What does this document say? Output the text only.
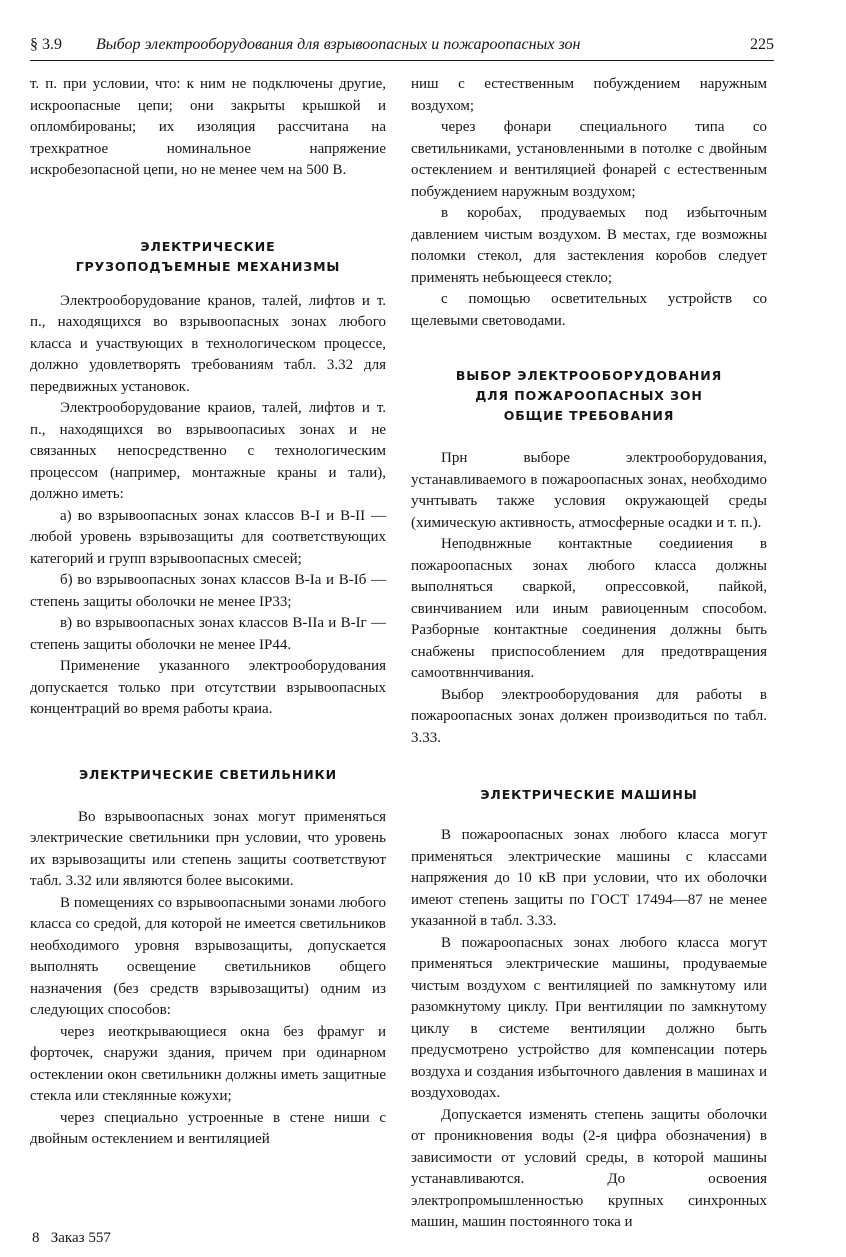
§ 3.9 Выбор электрооборудования для взрывоопасных и пожароопасных зон	225

т. п. при условии, что: к ним не подключены другие, искроопасные цепи; они закрыты крышкой и опломбированы; их изоляция рассчитана на трехкратное номинальное напряжение искробезопасной цепи, но не менее чем на 500 В.

ЭЛЕКТРИЧЕСКИЕ

ГРУЗОПОДЪЕМНЫЕ МЕХАНИЗМЫ

Электрооборудование кранов, талей, лифтов и т. п., находящихся во взрывоопасных зонах любого класса и участвующих в технологическом процессе, должно удовлетворять требованиям табл. 3.32 для передвижных установок.

Электрооборудование краиов, талей, лифтов и т. п., находящихся во взрывоопасиых зонах и не связанных непосредственно с технологическим процессом (например, монтажные краны и тали), должно иметь:

а) во взрывоопасных зонах классов В-I и В-II — любой уровень взрывозащиты для соответствующих категорий и групп взрывоопасных смесей;

б) во взрывоопасных зонах классов В-Iа и В-Iб — степень защиты оболочки не менее IP33;

в) во взрывоопасных зонах классов В-IIа и В-Iг — степень защиты оболочки не менее IP44.

Применение указанного электрооборудования допускается только при отсутствии взрывоопасных концентраций во время работы краиа.

ЭЛЕКТРИЧЕСКИЕ СВЕТИЛЬНИКИ

Во взрывоопасных зонах могут применяться электрические светильники прн условии, что уровень их взрывозащиты или степень защиты соответствуют табл. 3.32 или являются более высокими.

В помещениях со взрывоопасными зонами любого класса со средой, для которой не имеется светильников необходимого уровня взрывозащиты, допускается выполнять освещение светильников общего назначения (без средств взрывозащиты) одним из следующих способов:

через иеоткрывающиеся окна без фрамуг и форточек, снаружи здания, причем при одинарном остеклении окон светильникн должны иметь защитные стекла или стеклянные кожухи;

через специально устроенные в стене ниши с двойным остеклением и вентиляцией

ниш с естественным побуждением наружным воздухом;

через фонари специального типа со светильниками, установленными в потолке с двойным остеклением и вентиляцией фонарей с естественным побуждением наружным воздухом;

в коробах, продуваемых под избыточным давлением чистым воздухом. В местах, где возможны поломки стекол, для застекления коробов следует применять небьющееся стекло;

с помощью осветительных устройств со щелевыми световодами.

ВЫБОР ЭЛЕКТРООБОРУДОВАНИЯ

ДЛЯ ПОЖАРООПАСНЫХ ЗОН

ОБЩИЕ ТРЕБОВАНИЯ

Прн выборе электрооборудования, устанавливаемого в пожароопасных зонах, необходимо учнтывать также условия окружающей среды (химическую активность, атмосферные осадки и т. п.).

Неподвнжные контактные соедииения в пожароопасных зонах любого класса должны выполняться сваркой, опрессовкой, пайкой, свинчиванием или иным равиоценным способом. Разборные контактные соединения должны быть снабжены приспособлением для предотвращения самоотвннчивания.

Выбор электрооборудования для работы в пожароопасных зонах должен производиться по табл. 3.33.

ЭЛЕКТРИЧЕСКИЕ МАШИНЫ

В пожароопасных зонах любого класса могут применяться электрические машины с классами напряжения до 10 кВ при условии, что их оболочки имеют степень защиты по ГОСТ 17494—87 не менее указанной в табл. 3.33.

В пожароопасных зонах любого класса могут применяться электрические машины, продуваемые чистым воздухом с вентиляцией по замкнутому или разомкнутому циклу. При вентиляции по замкнутому циклу в системе вентиляции должно быть предусмотрено устройство для компенсации потерь воздуха и создания избыточного давления в машинах и воздуховодах.

Допускается изменять степень защиты оболочки от проникновения воды (2-я цифра обозначения) в зависимости от условий среды, в которой машины устанавливаются. До освоения электропромышленностью крупных синхронных машин, машин постоянного тока и

8   Заказ 557
